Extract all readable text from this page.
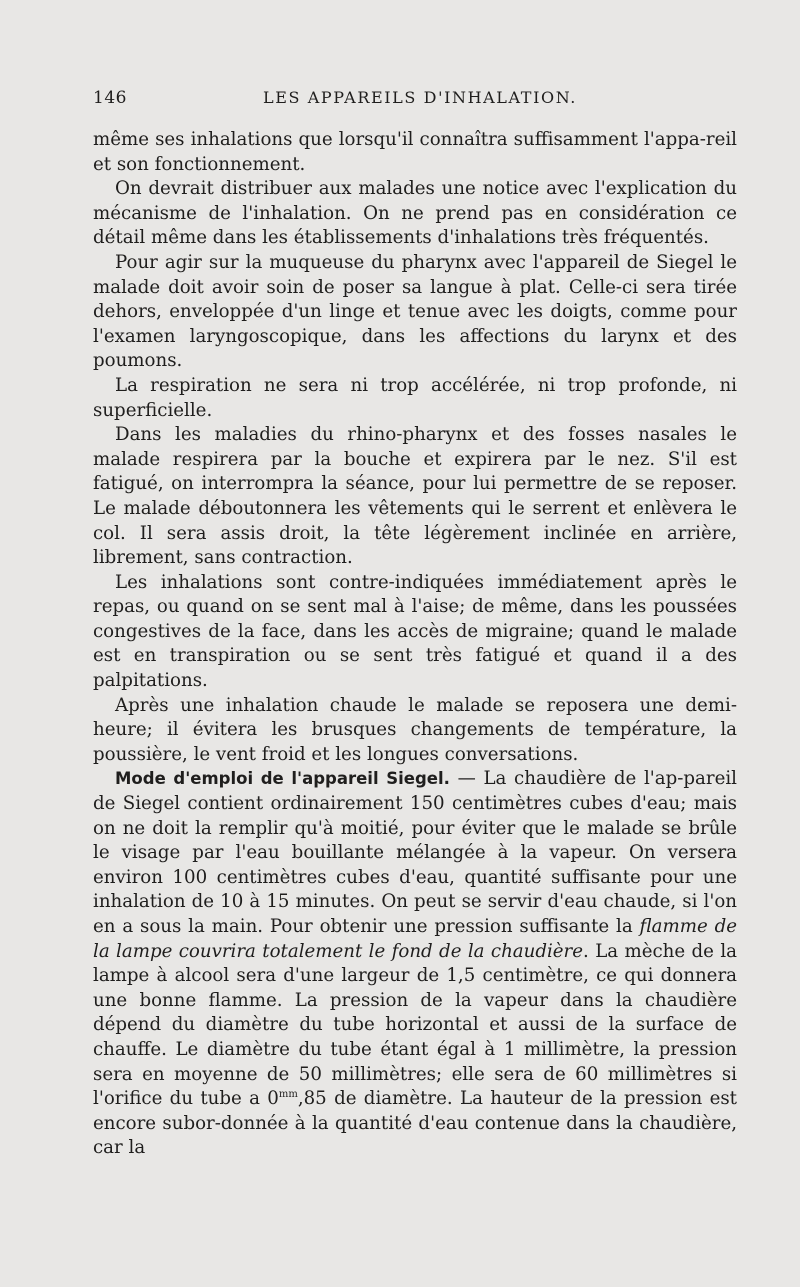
146	LES APPAREILS D'INHALATION.

même ses inhalations que lorsqu'il connaîtra suffisamment l'appa-reil et son fonctionnement.

On devrait distribuer aux malades une notice avec l'explication du mécanisme de l'inhalation. On ne prend pas en considération ce détail même dans les établissements d'inhalations très fréquentés.

Pour agir sur la muqueuse du pharynx avec l'appareil de Siegel le malade doit avoir soin de poser sa langue à plat. Celle-ci sera tirée dehors, enveloppée d'un linge et tenue avec les doigts, comme pour l'examen laryngoscopique, dans les affections du larynx et des poumons.

La respiration ne sera ni trop accélérée, ni trop profonde, ni superficielle.

Dans les maladies du rhino-pharynx et des fosses nasales le malade respirera par la bouche et expirera par le nez. S'il est fatigué, on interrompra la séance, pour lui permettre de se reposer. Le malade déboutonnera les vêtements qui le serrent et enlèvera le col. Il sera assis droit, la tête légèrement inclinée en arrière, librement, sans contraction.

Les inhalations sont contre-indiquées immédiatement après le repas, ou quand on se sent mal à l'aise; de même, dans les poussées congestives de la face, dans les accès de migraine; quand le malade est en transpiration ou se sent très fatigué et quand il a des palpitations.

Après une inhalation chaude le malade se reposera une demi-heure; il évitera les brusques changements de température, la poussière, le vent froid et les longues conversations.

Mode d'emploi de l'appareil Siegel. — La chaudière de l'ap-pareil de Siegel contient ordinairement 150 centimètres cubes d'eau; mais on ne doit la remplir qu'à moitié, pour éviter que le malade se brûle le visage par l'eau bouillante mélangée à la vapeur. On versera environ 100 centimètres cubes d'eau, quantité suffisante pour une inhalation de 10 à 15 minutes. On peut se servir d'eau chaude, si l'on en a sous la main. Pour obtenir une pression suffisante la flamme de la lampe couvrira totalement le fond de la chaudière. La mèche de la lampe à alcool sera d'une largeur de 1,5 centimètre, ce qui donnera une bonne flamme. La pression de la vapeur dans la chaudière dépend du diamètre du tube horizontal et aussi de la surface de chauffe. Le diamètre du tube étant égal à 1 millimètre, la pression sera en moyenne de 50 millimètres; elle sera de 60 millimètres si l'orifice du tube a $0^{mm},85$ de diamètre. La hauteur de la pression est encore subor-donnée à la quantité d'eau contenue dans la chaudière, car la
